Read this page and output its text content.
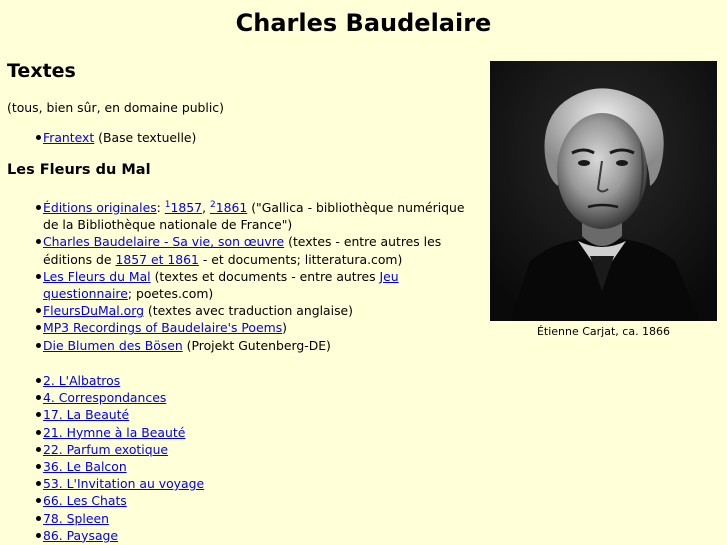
Charles Baudelaire
Textes

(tous, bien sûr, en domaine public)

Frantext (Base textuelle)
Les Fleurs du Mal
Éditions originales: $^1$1857, $^2$1861 ("Gallica - bibliothèque numérique de la Bibliothèque nationale de France")
Charles Baudelaire - Sa vie, son œuvre (textes - entre autres les éditions de 1857 et 1861 - et documents; litteratura.com)
Les Fleurs du Mal (textes et documents - entre autres Jeu questionnaire; poetes.com)
FleursDuMal.org (textes avec traduction anglaise)
MP3 Recordings of Baudelaire's Poems)
Die Blumen des Bösen (Projekt Gutenberg-DE)
2. L'Albatros
4. Correspondances
17. La Beauté
21. Hymne à la Beauté
22. Parfum exotique
36. Le Balcon
53. L'Invitation au voyage
66. Les Chats
78. Spleen
86. Paysage
Étienne Carjat, ca. 1866
